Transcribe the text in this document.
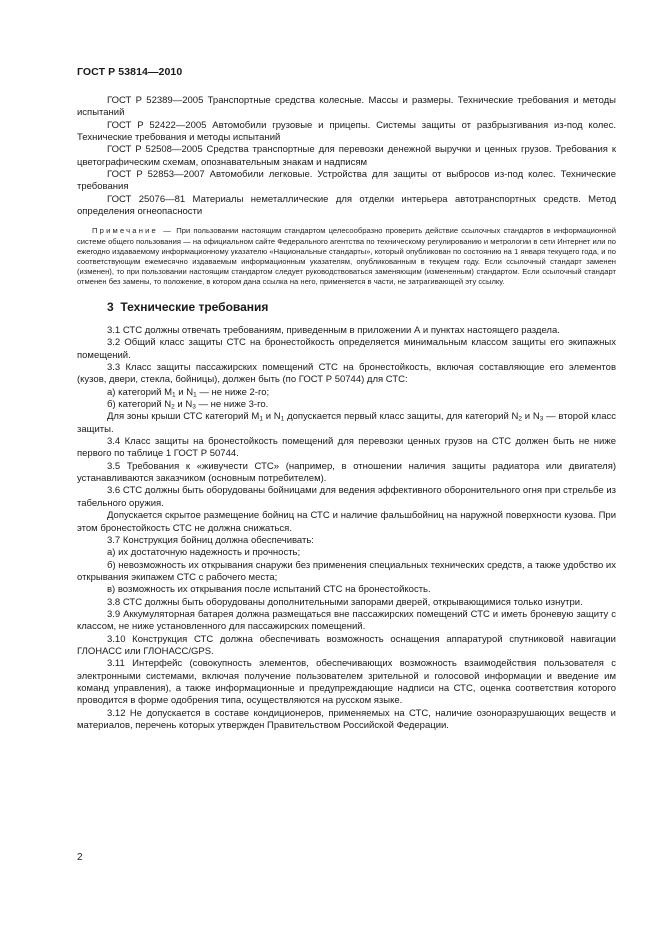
ГОСТ Р 53814—2010

ГОСТ Р 52389—2005 Транспортные средства колесные. Массы и размеры. Технические требования и методы испытаний

ГОСТ Р 52422—2005 Автомобили грузовые и прицепы. Системы защиты от разбрызгивания из-под колес. Технические требования и методы испытаний

ГОСТ Р 52508—2005 Средства транспортные для перевозки денежной выручки и ценных грузов. Требования к цветографическим схемам, опознавательным знакам и надписям

ГОСТ Р 52853—2007 Автомобили легковые. Устройства для защиты от выбросов из-под колес. Технические требования

ГОСТ 25076—81 Материалы неметаллические для отделки интерьера автотранспортных средств. Метод определения огнеопасности

Примечание — При пользовании настоящим стандартом целесообразно проверить действие ссылочных стандартов в информационной системе общего пользования — на официальном сайте Федерального агентства по техническому регулированию и метрологии в сети Интернет или по ежегодно издаваемому информационному указателю «Национальные стандарты», который опубликован по состоянию на 1 января текущего года, и по соответствующим ежемесячно издаваемым информационным указателям, опубликованным в текущем году. Если ссылочный стандарт заменен (изменен), то при пользовании настоящим стандартом следует руководствоваться заменяющим (измененным) стандартом. Если ссылочный стандарт отменен без замены, то положение, в котором дана ссылка на него, применяется в части, не затрагивающей эту ссылку.

3 Технические требования

3.1 СТС должны отвечать требованиям, приведенным в приложении А и пунктах настоящего раздела.

3.2 Общий класс защиты СТС на бронестойкость определяется минимальным классом защиты его экипажных помещений.

3.3 Класс защиты пассажирских помещений СТС на бронестойкость, включая составляющие его элементов (кузов, двери, стекла, бойницы), должен быть (по ГОСТ Р 50744) для СТС:

а) категорий $М_1$ и $N_1$ — не ниже 2-го;

б) категорий $N_2$ и $N_3$ — не ниже 3-го.

Для зоны крыши СТС категорий $М_1$ и $N_1$ допускается первый класс защиты, для категорий $N_2$ и $N_3$ — второй класс защиты.

3.4 Класс защиты на бронестойкость помещений для перевозки ценных грузов на СТС должен быть не ниже первого по таблице 1 ГОСТ Р 50744.

3.5 Требования к «живучести СТС» (например, в отношении наличия защиты радиатора или двигателя) устанавливаются заказчиком (основным потребителем).

3.6 СТС должны быть оборудованы бойницами для ведения эффективного оборонительного огня при стрельбе из табельного оружия.

Допускается скрытое размещение бойниц на СТС и наличие фальшбойниц на наружной поверхности кузова. При этом бронестойкость СТС не должна снижаться.

3.7 Конструкция бойниц должна обеспечивать:

а) их достаточную надежность и прочность;

б) невозможность их открывания снаружи без применения специальных технических средств, а также удобство их открывания экипажем СТС с рабочего места;

в) возможность их открывания после испытаний СТС на бронестойкость.

3.8 СТС должны быть оборудованы дополнительными запорами дверей, открывающимися только изнутри.

3.9 Аккумуляторная батарея должна размещаться вне пассажирских помещений СТС и иметь броневую защиту с классом, не ниже установленного для пассажирских помещений.

3.10 Конструкция СТС должна обеспечивать возможность оснащения аппаратурой спутниковой навигации ГЛОНАСС или ГЛОНАСС/GPS.

3.11 Интерфейс (совокупность элементов, обеспечивающих возможность взаимодействия пользователя с электронными системами, включая получение пользователем зрительной и голосовой информации и введение им команд управления), а также информационные и предупреждающие надписи на СТС, оценка соответствия которого проводится в форме одобрения типа, осуществляются на русском языке.

3.12 Не допускается в составе кондиционеров, применяемых на СТС, наличие озоноразрушающих веществ и материалов, перечень которых утвержден Правительством Российской Федерации.

2
